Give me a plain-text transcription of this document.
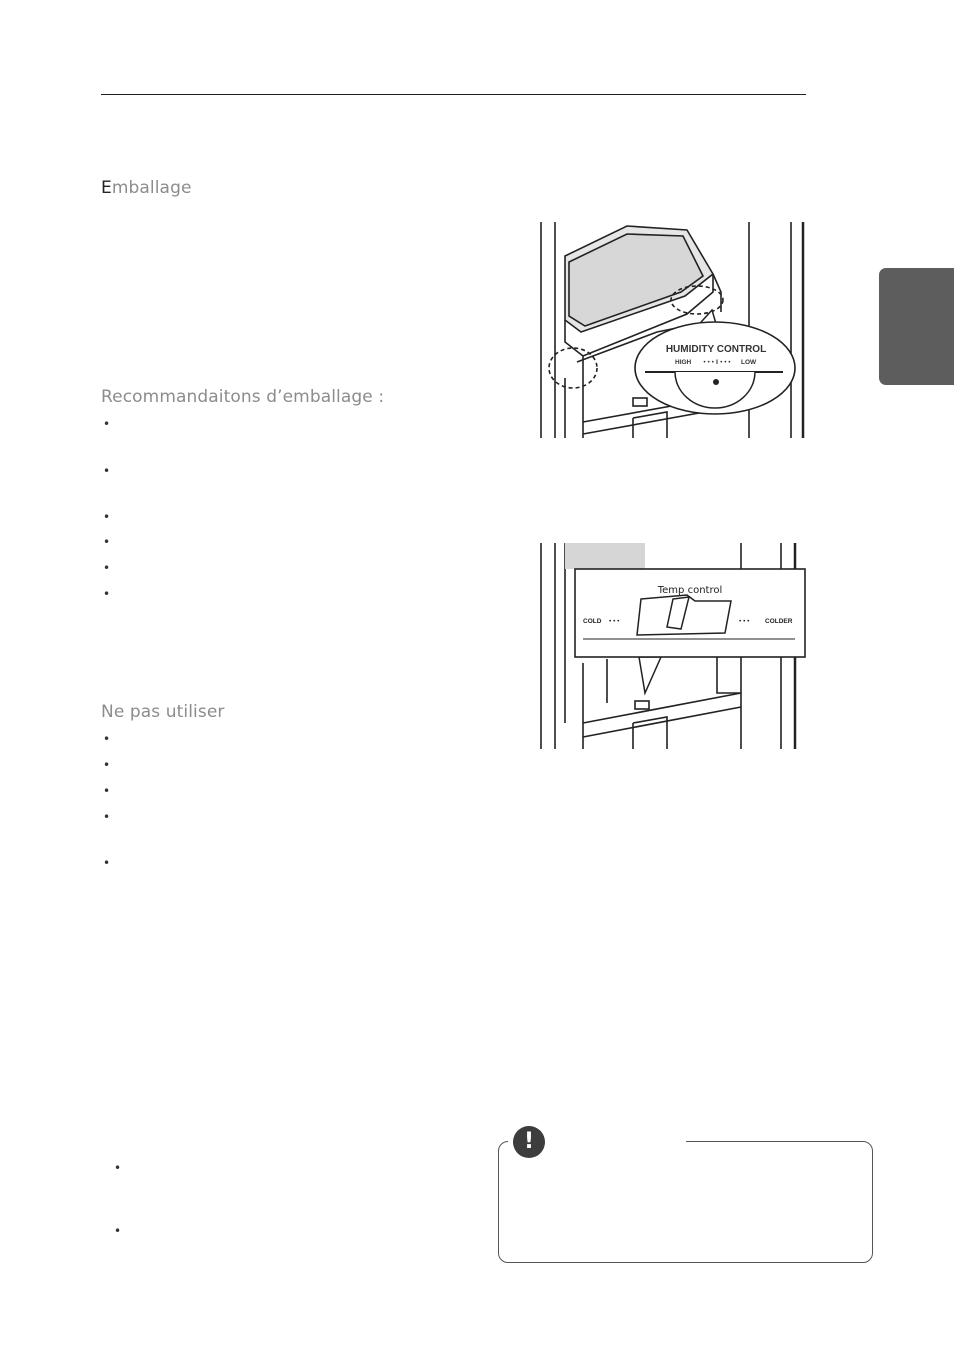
Emballage
Recommandaitons d’emballage :
Ne pas utiliser
•
•
•
•
•
•
•
•
•
•
•
•
•
HUMIDITY CONTROL
HIGH • • • ‖ • • • LOW
Temp control
COLD • • •	• • • COLDER
!
